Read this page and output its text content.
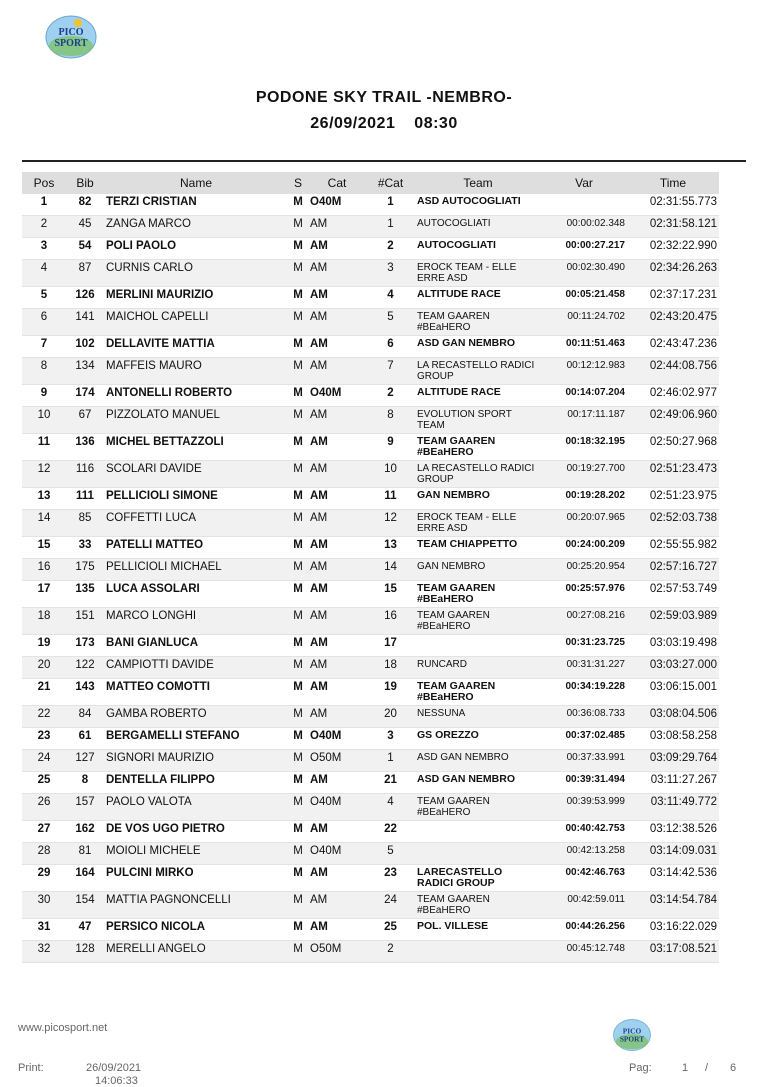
PICO
SPORT
PODONE SKY TRAIL -NEMBRO-
26/09/2021 08:30
Pos	Bib	Name	S	Cat	#Cat	Team	Var	Time
1	82	TERZI CRISTIAN	M	O40M	1	ASD AUTOCOGLIATI		02:31:55.773
2	45	ZANGA MARCO	M	AM	1	AUTOCOGLIATI	00:00:02.348	02:31:58.121
3	54	POLI PAOLO	M	AM	2	AUTOCOGLIATI	00:00:27.217	02:32:22.990
4	87	CURNIS CARLO	M	AM	3	EROCK TEAM - ELLE ERRE ASD	00:02:30.490	02:34:26.263
5	126	MERLINI MAURIZIO	M	AM	4	ALTITUDE RACE	00:05:21.458	02:37:17.231
6	141	MAICHOL CAPELLI	M	AM	5	TEAM GAAREN #BEaHERO	00:11:24.702	02:43:20.475
7	102	DELLAVITE MATTIA	M	AM	6	ASD GAN NEMBRO	00:11:51.463	02:43:47.236
8	134	MAFFEIS MAURO	M	AM	7	LA RECASTELLO RADICI GROUP	00:12:12.983	02:44:08.756
9	174	ANTONELLI ROBERTO	M	O40M	2	ALTITUDE RACE	00:14:07.204	02:46:02.977
10	67	PIZZOLATO MANUEL	M	AM	8	EVOLUTION SPORT TEAM	00:17:11.187	02:49:06.960
11	136	MICHEL BETTAZZOLI	M	AM	9	TEAM GAAREN #BEaHERO	00:18:32.195	02:50:27.968
12	116	SCOLARI DAVIDE	M	AM	10	LA RECASTELLO RADICI GROUP	00:19:27.700	02:51:23.473
13	111	PELLICIOLI SIMONE	M	AM	11	GAN NEMBRO	00:19:28.202	02:51:23.975
14	85	COFFETTI LUCA	M	AM	12	EROCK TEAM - ELLE ERRE ASD	00:20:07.965	02:52:03.738
15	33	PATELLI MATTEO	M	AM	13	TEAM CHIAPPETTO	00:24:00.209	02:55:55.982
16	175	PELLICIOLI MICHAEL	M	AM	14	GAN NEMBRO	00:25:20.954	02:57:16.727
17	135	LUCA ASSOLARI	M	AM	15	TEAM GAAREN #BEaHERO	00:25:57.976	02:57:53.749
18	151	MARCO LONGHI	M	AM	16	TEAM GAAREN #BEaHERO	00:27:08.216	02:59:03.989
19	173	BANI GIANLUCA	M	AM	17		00:31:23.725	03:03:19.498
20	122	CAMPIOTTI DAVIDE	M	AM	18	RUNCARD	00:31:31.227	03:03:27.000
21	143	MATTEO COMOTTI	M	AM	19	TEAM GAAREN #BEaHERO	00:34:19.228	03:06:15.001
22	84	GAMBA ROBERTO	M	AM	20	NESSUNA	00:36:08.733	03:08:04.506
23	61	BERGAMELLI STEFANO	M	O40M	3	GS OREZZO	00:37:02.485	03:08:58.258
24	127	SIGNORI MAURIZIO	M	O50M	1	ASD GAN NEMBRO	00:37:33.991	03:09:29.764
25	8	DENTELLA FILIPPO	M	AM	21	ASD GAN NEMBRO	00:39:31.494	03:11:27.267
26	157	PAOLO VALOTA	M	O40M	4	TEAM GAAREN #BEaHERO	00:39:53.999	03:11:49.772
27	162	DE VOS UGO PIETRO	M	AM	22		00:40:42.753	03:12:38.526
28	81	MOIOLI MICHELE	M	O40M	5		00:42:13.258	03:14:09.031
29	164	PULCINI MIRKO	M	AM	23	LARECASTELLO RADICI GROUP	00:42:46.763	03:14:42.536
30	154	MATTIA PAGNONCELLI	M	AM	24	TEAM GAAREN #BEaHERO	00:42:59.011	03:14:54.784
31	47	PERSICO NICOLA	M	AM	25	POL. VILLESE	00:44:26.256	03:16:22.029
32	128	MERELLI ANGELO	M	O50M	2		00:45:12.748	03:17:08.521
www.picosport.net	PICO
SPORT
Print:	26/09/2021
14:06:33
Pag:	1 / 6
